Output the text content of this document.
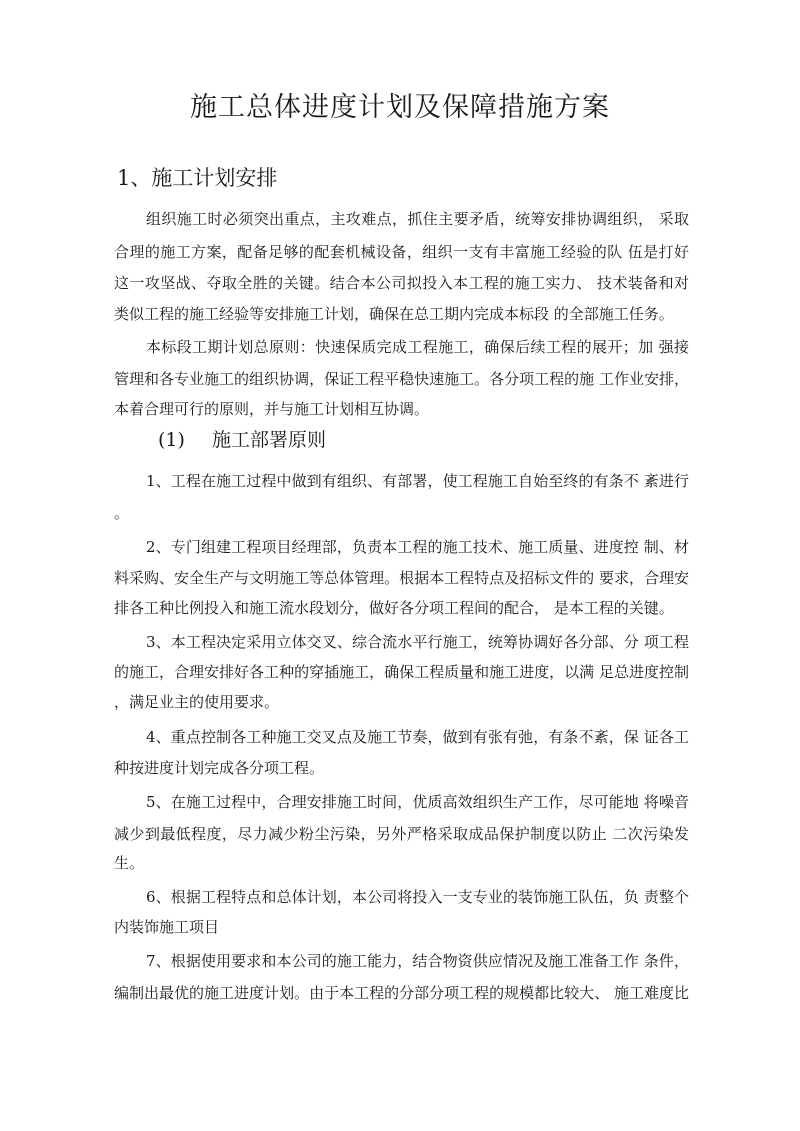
施工总体进度计划及保障措施方案
1、施工计划安排
组织施工时必须突出重点，主攻难点，抓住主要矛盾，统筹安排协调组织， 采取
合理的施工方案，配备足够的配套机械设备，组织一支有丰富施工经验的队 伍是打好
这一攻坚战、夺取全胜的关键。结合本公司拟投入本工程的施工实力、 技术装备和对
类似工程的施工经验等安排施工计划，确保在总工期内完成本标段 的全部施工任务。
本标段工期计划总原则：快速保质完成工程施工，确保后续工程的展开；加 强接
管理和各专业施工的组织协调，保证工程平稳快速施工。各分项工程的施 工作业安排，
本着合理可行的原则，并与施工计划相互协调。
(1) 施工部署原则
1、工程在施工过程中做到有组织、有部署，使工程施工自始至终的有条不 紊进行
。
2、专门组建工程项目经理部，负责本工程的施工技术、施工质量、进度控 制、材
料采购、安全生产与文明施工等总体管理。根据本工程特点及招标文件的 要求，合理安
排各工种比例投入和施工流水段划分，做好各分项工程间的配合， 是本工程的关键。
3、本工程决定采用立体交叉、综合流水平行施工，统筹协调好各分部、分 项工程
的施工，合理安排好各工种的穿插施工，确保工程质量和施工进度，以满 足总进度控制
，满足业主的使用要求。
4、重点控制各工种施工交叉点及施工节奏，做到有张有弛，有条不紊，保 证各工
种按进度计划完成各分项工程。
5、在施工过程中，合理安排施工时间，优质高效组织生产工作，尽可能地 将噪音
减少到最低程度，尽力减少粉尘污染，另外严格采取成品保护制度以防止 二次污染发
生。
6、根据工程特点和总体计划，本公司将投入一支专业的装饰施工队伍，负 责整个
内装饰施工项目
7、根据使用要求和本公司的施工能力，结合物资供应情况及施工准备工作 条件，
编制出最优的施工进度计划。由于本工程的分部分项工程的规模都比较大、 施工难度比
